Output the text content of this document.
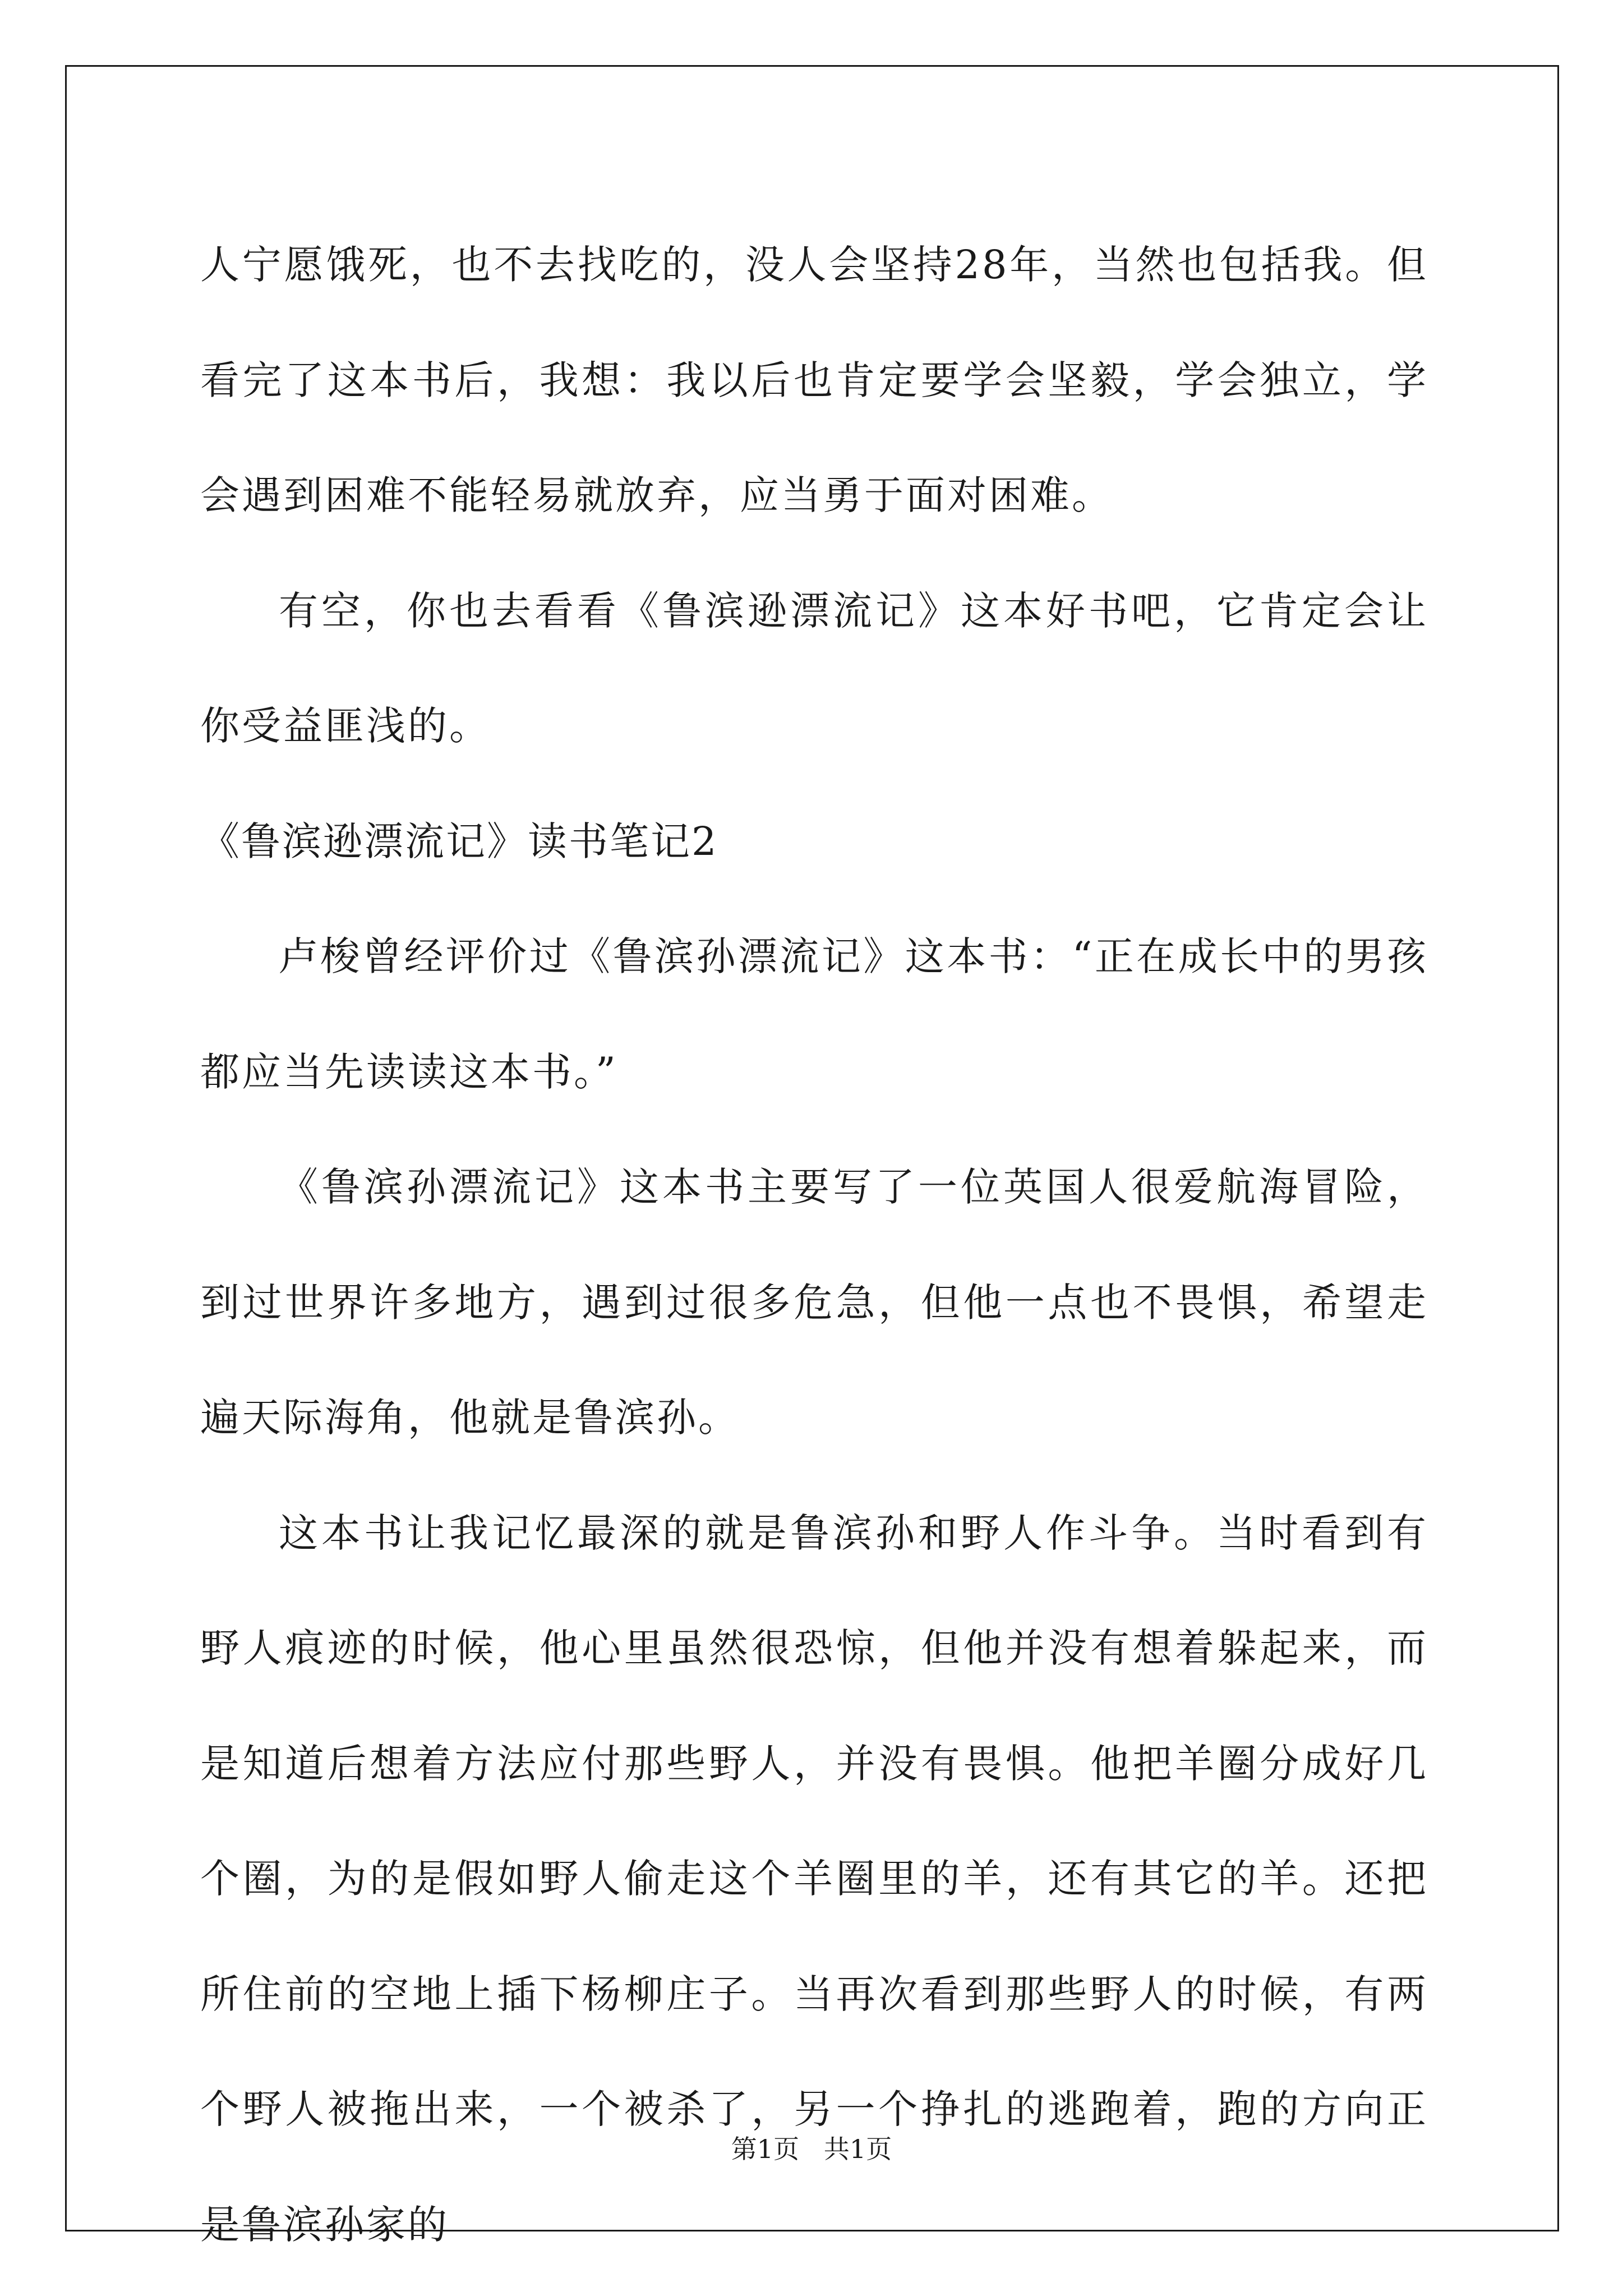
人宁愿饿死，也不去找吃的，没人会坚持28年，当然也包括我。但看完了这本书后，我想：我以后也肯定要学会坚毅，学会独立，学会遇到困难不能轻易就放弃，应当勇于面对困难。

有空，你也去看看《鲁滨逊漂流记》这本好书吧，它肯定会让你受益匪浅的。

《鲁滨逊漂流记》读书笔记2

卢梭曾经评价过《鲁滨孙漂流记》这本书：“正在成长中的男孩都应当先读读这本书。”

《鲁滨孙漂流记》这本书主要写了一位英国人很爱航海冒险，到过世界许多地方，遇到过很多危急，但他一点也不畏惧，希望走遍天际海角，他就是鲁滨孙。

这本书让我记忆最深的就是鲁滨孙和野人作斗争。当时看到有野人痕迹的时候，他心里虽然很恐惊，但他并没有想着躲起来，而是知道后想着方法应付那些野人，并没有畏惧。他把羊圈分成好几个圈，为的是假如野人偷走这个羊圈里的羊，还有其它的羊。还把所住前的空地上插下杨柳庄子。当再次看到那些野人的时候，有两个野人被拖出来，一个被杀了，另一个挣扎的逃跑着，跑的方向正是鲁滨孙家的

第1页   共1页
